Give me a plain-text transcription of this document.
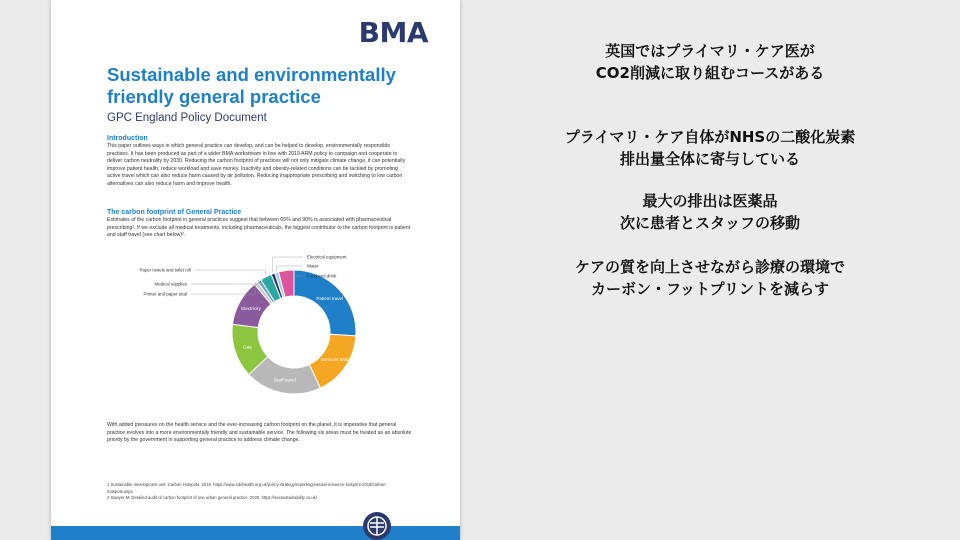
BMA
Sustainable and environmentally friendly general practice
GPC England Policy Document
Introduction
This paper outlines ways in which general practice can develop, and can be helped to develop, environmentally responsible practises. It has been produced as part of a wider BMA workstream in line with 2019 ARM policy to campaign and cooperate to deliver carbon neutrality by 2030. Reducing the carbon footprint of practices will not only mitigate climate change, it can potentially improve patient health, reduce workload and save money. Inactivity and obesity-related conditions can be tackled by promoting active travel which can also reduce harm caused by air pollution. Reducing inappropriate prescribing and switching to low carbon alternatives can also reduce harm and improve health.
The carbon footprint of General Practice
Estimates of the carbon footprint in general practices suggest that between 65% and 90% is associated with pharmaceutical prescribing¹. If we exclude all medical treatments, including pharmaceuticals, the biggest contributor to the carbon footprint is patient and staff travel (see chart below)².
Patient travel
Services total
Staff travel
Gas
Electricity
Printer and paper total
Medical supplies
Paper towels and toilet roll
Electrical equipment
Water
Food and drink
With added pressures on the health service and the ever-increasing carbon footprint on the planet, it is imperative that general practice evolves into a more environmentally friendly and sustainable service. The following six areas must be treated as an absolute priority by the government in supporting general practice to address climate change.
1 Sustainable development unit. Carbon Hotspots. 2018. https://www.sduhealth.org.uk/policy-strategy/reporting/natural-resource-footprint-2018/carbon-hotspots.aspx
2 Sawyer M. Detailed audit of carbon footprint of one urban general practice. 2020. https://seesustainability.co.uk/
英国ではプライマリ・ケア医が
CO2削減に取り組むコースがある
プライマリ・ケア自体がNHSの二酸化炭素
排出量全体に寄与している
最大の排出は医薬品
次に患者とスタッフの移動
ケアの質を向上させながら診療の環境で
カーボン・フットプリントを減らす
